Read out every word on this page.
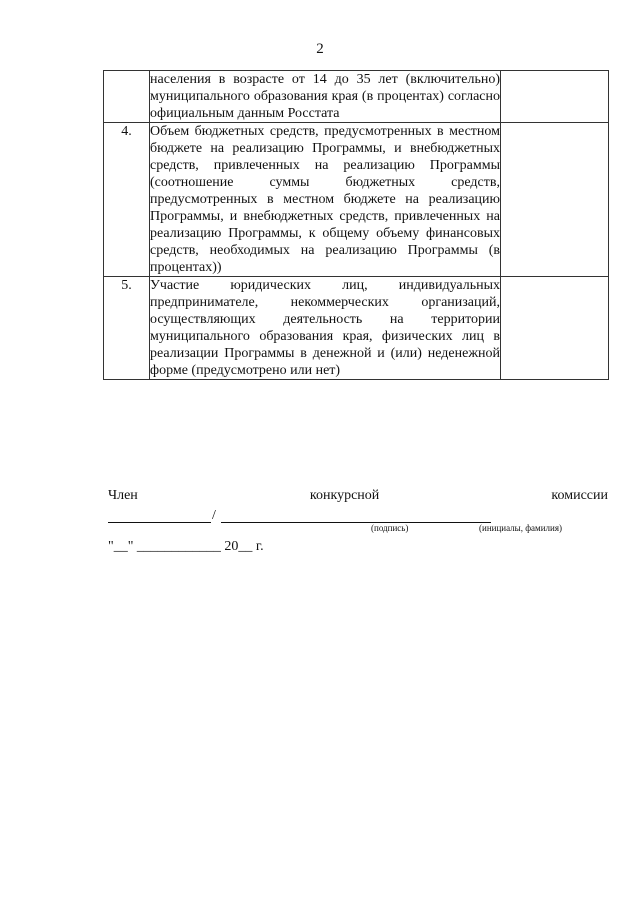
2
	населения в возрасте от 14 до 35 лет (включительно) муниципального образования края (в процентах) согласно официальным данным Росстата	
4.	Объем бюджетных средств, предусмотренных в местном бюджете на реализацию Программы, и внебюджетных средств, привлеченных на реализацию Программы (соотношение суммы бюджетных средств, предусмотренных в местном бюджете на реализацию Программы, и внебюджетных средств, привлеченных на реализацию Программы, к общему объему финансовых средств, необходимых на реализацию Программы (в процентах))	
5.	Участие юридических лиц, индивидуальных предпринимателе, некоммерческих организаций, осуществляющих деятельность на территории муниципального образования края, физических лиц в реализации Программы в денежной и (или) неденежной форме (предусмотрено или нет)	
Член	конкурсной	комиссии
/
(подпись)	(инициалы, фамилия)
"__" ____________ 20__ г.
